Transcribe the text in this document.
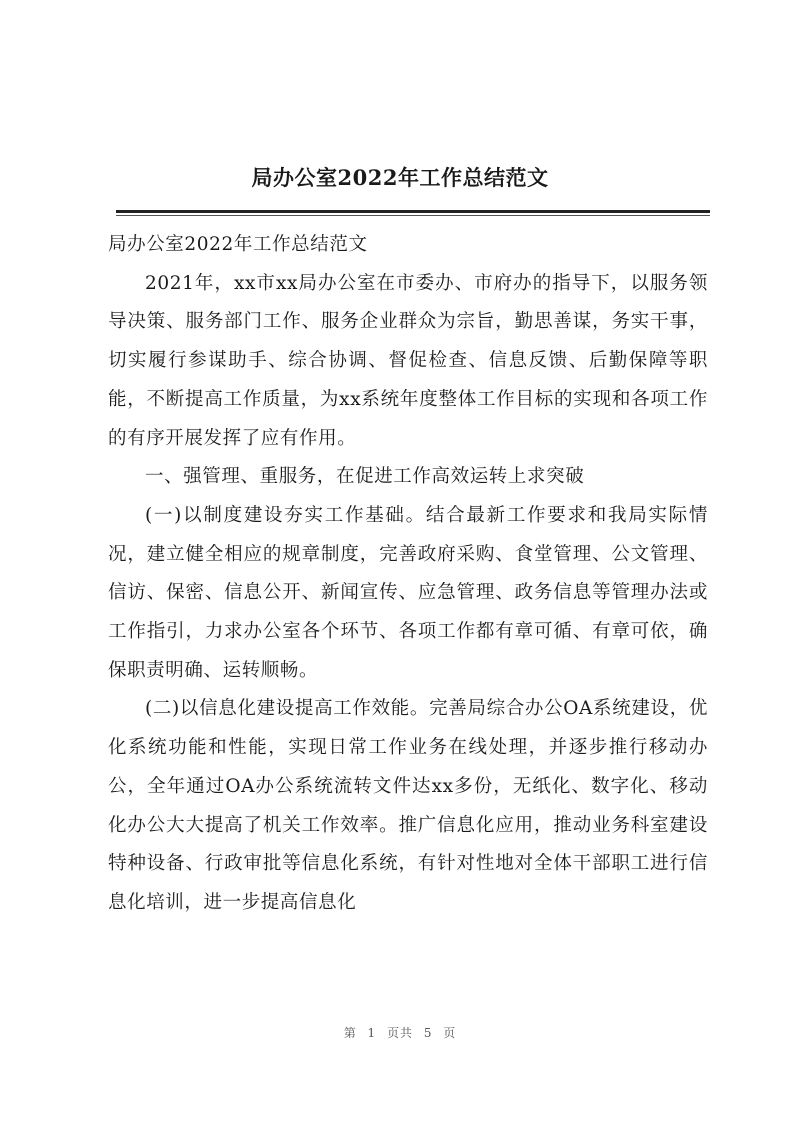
局办公室2022年工作总结范文

局办公室2022年工作总结范文

2021年，xx市xx局办公室在市委办、市府办的指导下，以服务领导决策、服务部门工作、服务企业群众为宗旨，勤思善谋，务实干事，切实履行参谋助手、综合协调、督促检查、信息反馈、后勤保障等职能，不断提高工作质量，为xx系统年度整体工作目标的实现和各项工作的有序开展发挥了应有作用。

一、强管理、重服务，在促进工作高效运转上求突破

(一)以制度建设夯实工作基础。结合最新工作要求和我局实际情况，建立健全相应的规章制度，完善政府采购、食堂管理、公文管理、信访、保密、信息公开、新闻宣传、应急管理、政务信息等管理办法或工作指引，力求办公室各个环节、各项工作都有章可循、有章可依，确保职责明确、运转顺畅。

(二)以信息化建设提高工作效能。完善局综合办公OA系统建设，优化系统功能和性能，实现日常工作业务在线处理，并逐步推行移动办公，全年通过OA办公系统流转文件达xx多份，无纸化、数字化、移动化办公大大提高了机关工作效率。推广信息化应用，推动业务科室建设特种设备、行政审批等信息化系统，有针对性地对全体干部职工进行信息化培训，进一步提高信息化

第 1 页共 5 页
